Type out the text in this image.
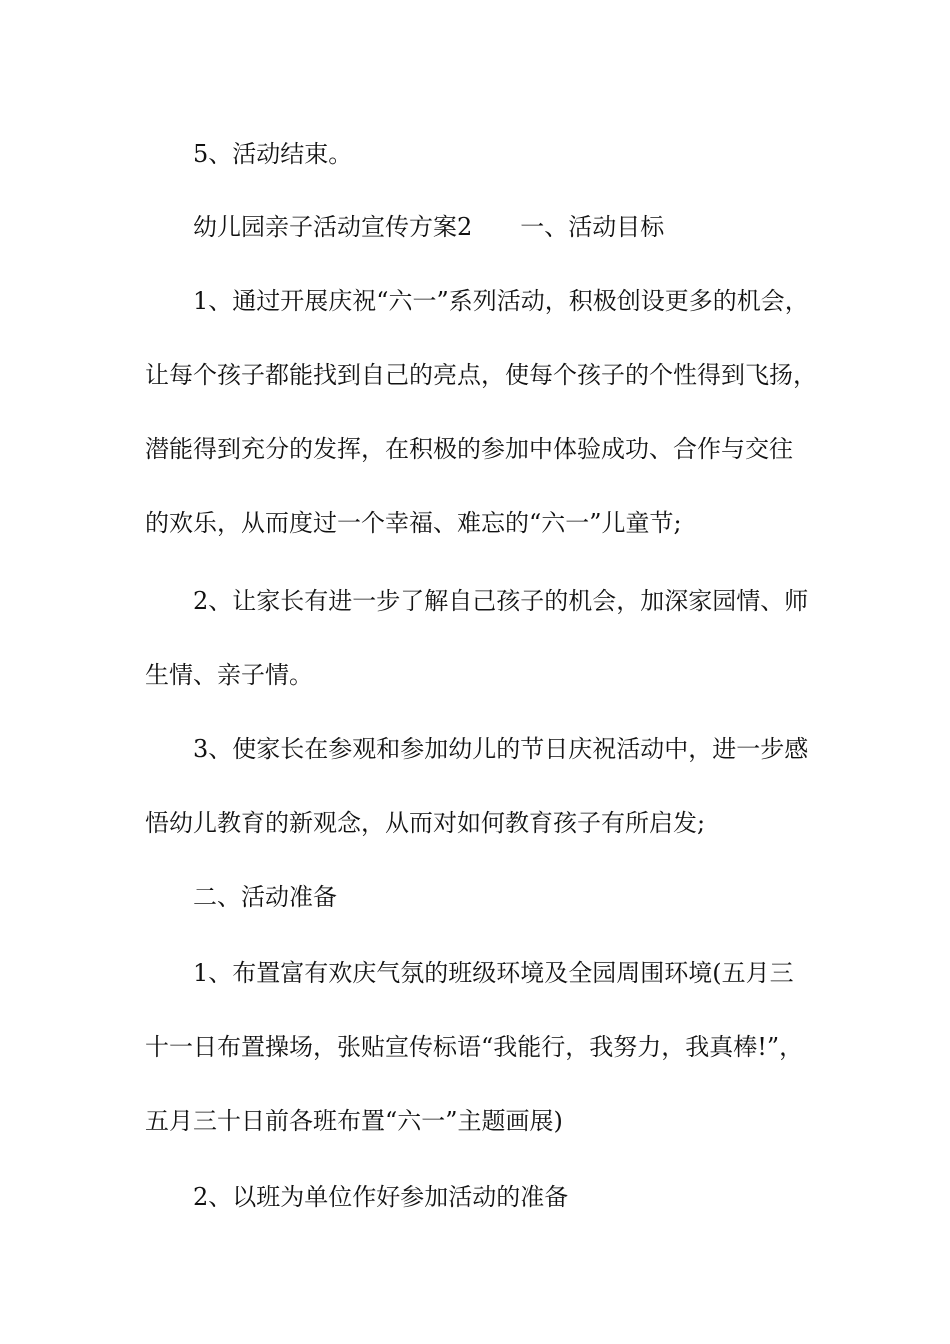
5、活动结束。
幼儿园亲子活动宣传方案2　　一、活动目标
1、通过开展庆祝“六一”系列活动，积极创设更多的机会，
让每个孩子都能找到自己的亮点，使每个孩子的个性得到飞扬，
潜能得到充分的发挥，在积极的参加中体验成功、合作与交往
的欢乐，从而度过一个幸福、难忘的“六一”儿童节;
2、让家长有进一步了解自己孩子的机会，加深家园情、师
生情、亲子情。
3、使家长在参观和参加幼儿的节日庆祝活动中，进一步感
悟幼儿教育的新观念，从而对如何教育孩子有所启发;
二、活动准备
1、布置富有欢庆气氛的班级环境及全园周围环境(五月三
十一日布置操场，张贴宣传标语“我能行，我努力，我真棒!”，
五月三十日前各班布置“六一”主题画展)
2、以班为单位作好参加活动的准备
